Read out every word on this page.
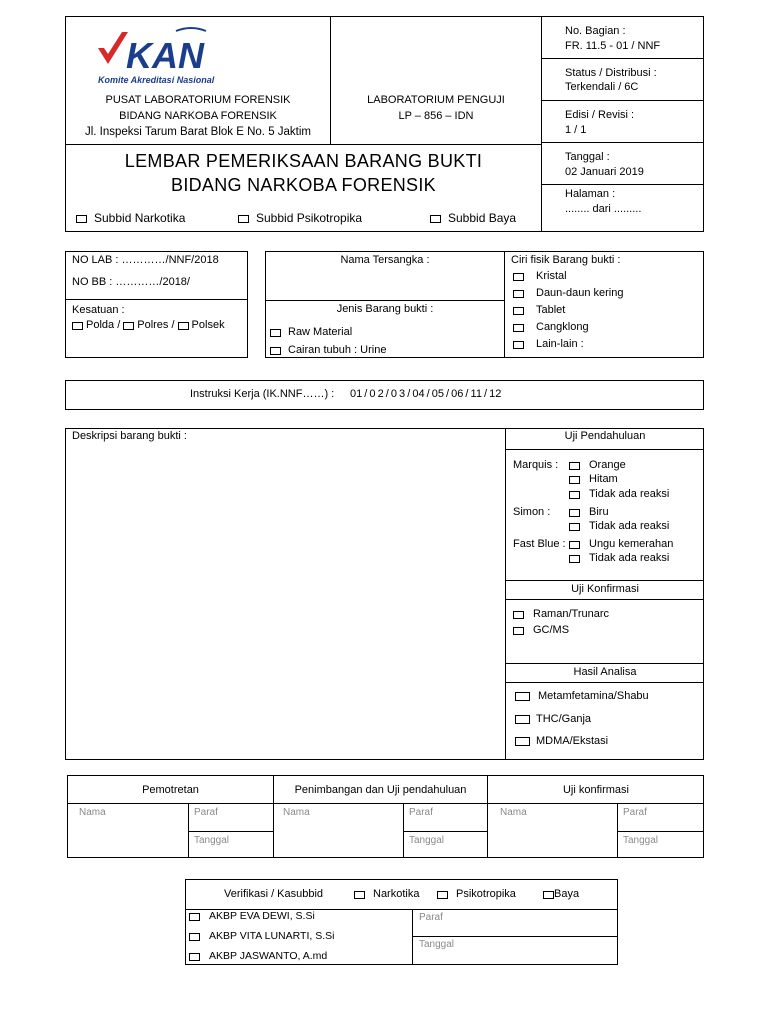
KAN
Komite Akreditasi Nasional
PUSAT LABORATORIUM FORENSIK
BIDANG NARKOBA FORENSIK
Jl. Inspeksi Tarum Barat Blok E No. 5 Jaktim
LABORATORIUM PENGUJI
LP – 856 – IDN
LEMBAR PEMERIKSAAN BARANG BUKTI
BIDANG NARKOBA FORENSIK
Subbid Narkotika	Subbid Psikotropika	Subbid Baya
No. Bagian :
FR. 11.5 - 01 / NNF
Status / Distribusi :
Terkendali / 6C
Edisi / Revisi :
1 / 1
Tanggal :
02 Januari 2019
Halaman :
........ dari .........
NO LAB : …………/NNF/2018
NO BB : …………/2018/
Kesatuan :
Polda / Polres / Polsek
Nama Tersangka :
Jenis Barang bukti :
Raw Material
Cairan tubuh : Urine
Ciri fisik Barang bukti :
Kristal
Daun-daun kering
Tablet
Cangklong
Lain-lain :
Instruksi Kerja (IK.NNF……) : 01 / 0 2 / 0 3 / 04 / 05 / 06 / 11 / 12
Deskripsi barang bukti :	Uji Pendahuluan
Marquis :	Orange
Hitam
Tidak ada reaksi
Simon :	Biru
Tidak ada reaksi
Fast Blue : Ungu kemerahan
Tidak ada reaksi
Uji Konfirmasi
Raman/Trunarc
GC/MS
Hasil Analisa
Metamfetamina/Shabu
THC/Ganja
MDMA/Ekstasi
Pemotretan	Penimbangan dan Uji pendahuluan	Uji konfirmasi
Nama	Paraf
Tanggal
Nama	Paraf
Tanggal
Nama	Paraf
Tanggal
Verifikasi / Kasubbid	Narkotika	Psikotropika	Baya
AKBP EVA DEWI, S.Si
AKBP VITA LUNARTI, S.Si
AKBP JASWANTO, A.md
Paraf
Tanggal
